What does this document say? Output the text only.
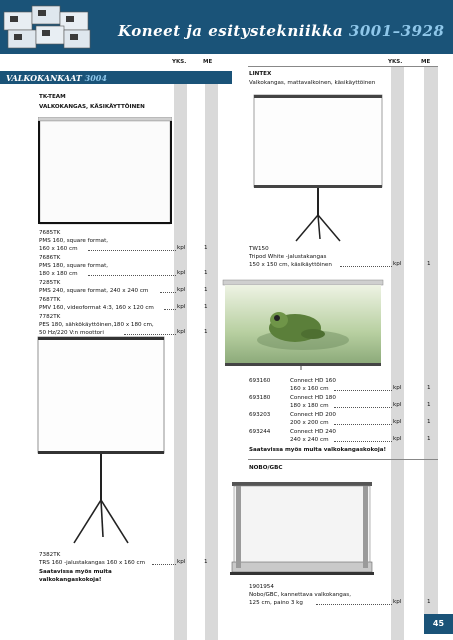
Koneet ja esitystekniikka 3001–3928
YKS.	ME	YKS.	ME
VALKOKANKAAT 3004
TK-TEAM
VALKOKANGAS, KÄSIKÄYTTÖINEN
7685TK
PMS 160, square format,
160 x 160 cm	kpl	1
7686TK
PMS 180, square format,
180 x 180 cm	kpl	1
7285TK
PMS 240, square format, 240 x 240 cm	kpl	1
7687TK
PMV 160, videoformat 4:3, 160 x 120 cm	kpl	1
7782TK
PES 180, sähkökäyttöinen,180 x 180 cm,
50 Hz/220 V:n moottori	kpl	1
7382TK
TRS 160 -jalustakangas 160 x 160 cm	kpl	1
Saatavissa myös muita
valkokangaskokoja!
LINTEX
Valkokangas, mattavalkoinen, käsikäyttöinen
TW150
Tripod White -jalustakangas
150 x 150 cm, käsikäyttöinen	kpl	1
693160	Connect HD 160
160 x 160 cm	kpl	1
693180	Connect HD 180
180 x 180 cm	kpl	1
693203	Connect HD 200
200 x 200 cm	kpl	1
693244	Connect HD 240
240 x 240 cm	kpl	1
Saatavissa myös muita valkokangaskokoja!
NOBO/GBC
1901954
Nobo/GBC, kannettava valkokangas,
125 cm, paino 3 kg	kpl	1
45
